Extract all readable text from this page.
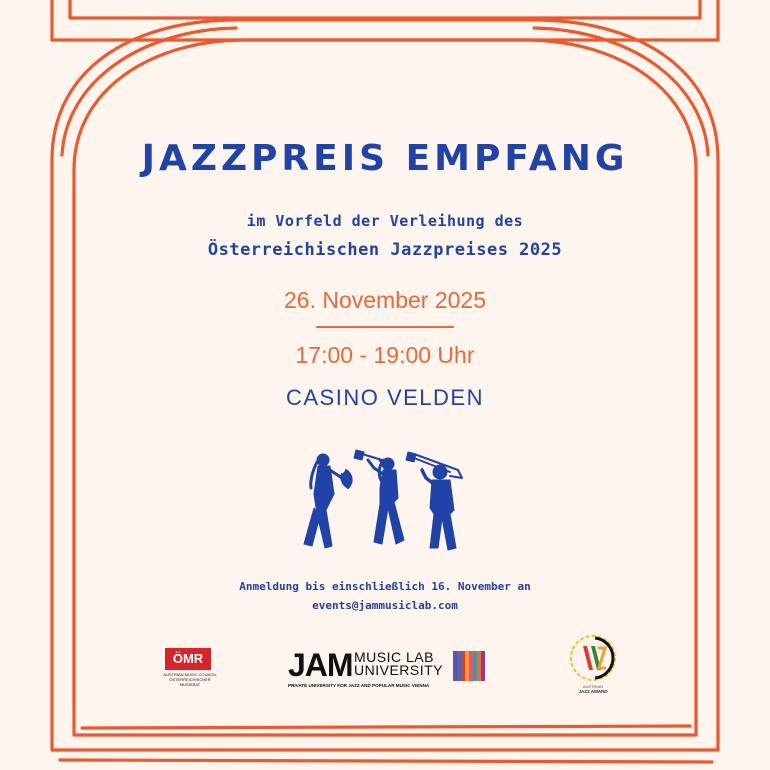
JAZZPREIS EMPFANG
im Vorfeld der Verleihung des
Österreichischen Jazzpreises 2025
26. November 2025
17:00 - 19:00 Uhr
CASINO VELDEN
Anmeldung bis einschließlich 16. November an
events@jammusiclab.com
ÖMR
AUSTRIAN MUSIC COUNCIL
ÖSTERREICHISCHER MUSIKRAT
JAM MUSIC LAB
UNIVERSITY
PRIVATE UNIVERSITY FOR JAZZ AND POPULAR MUSIC VIENNA	AUSTRIAN
JAZZ AWARD
